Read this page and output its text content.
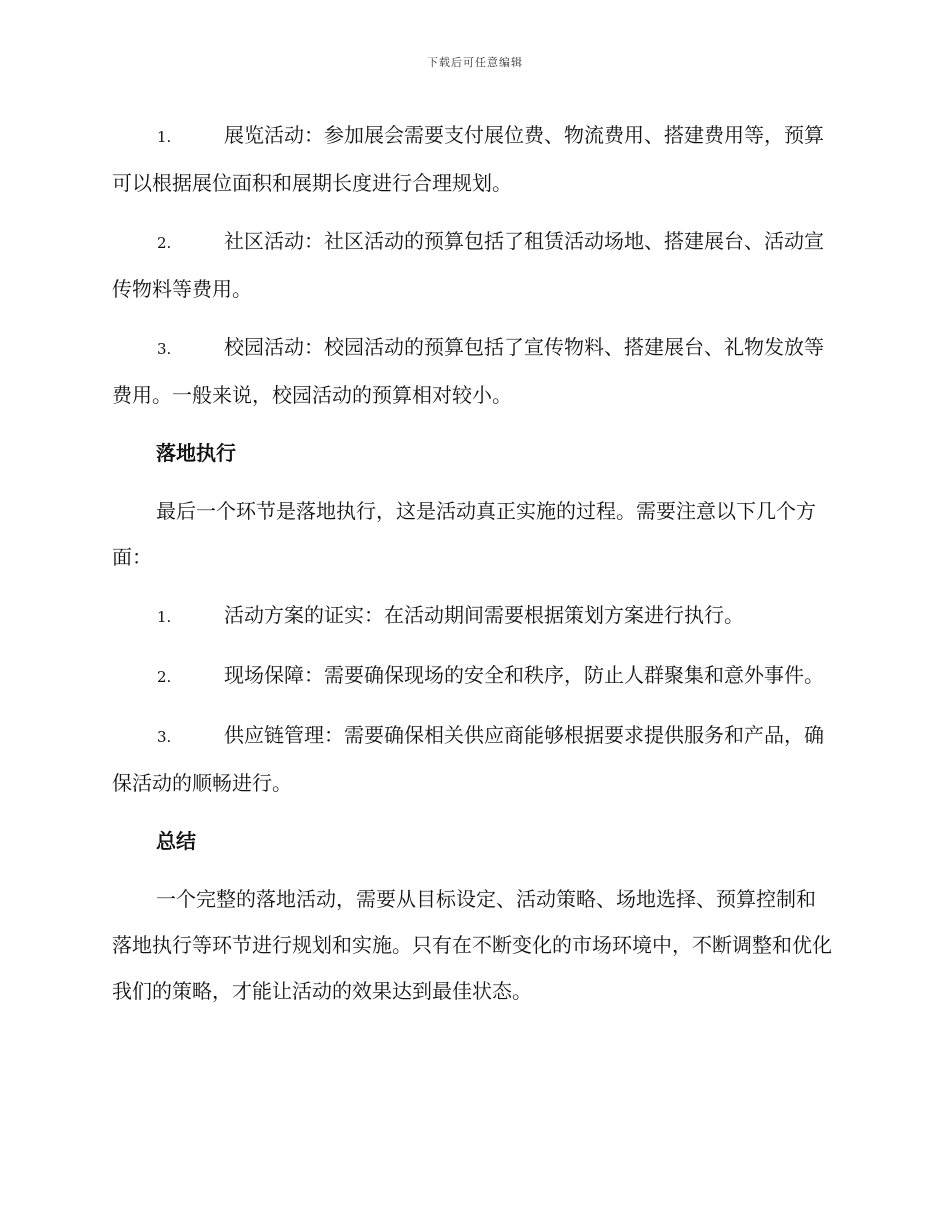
下载后可任意编辑

1.	展览活动：参加展会需要支付展位费、物流费用、搭建费用等，预算可以根据展位面积和展期长度进行合理规划。

2.	社区活动：社区活动的预算包括了租赁活动场地、搭建展台、活动宣传物料等费用。

3.	校园活动：校园活动的预算包括了宣传物料、搭建展台、礼物发放等费用。一般来说，校园活动的预算相对较小。

落地执行

最后一个环节是落地执行，这是活动真正实施的过程。需要注意以下几个方面：

1.	活动方案的证实：在活动期间需要根据策划方案进行执行。

2.	现场保障：需要确保现场的安全和秩序，防止人群聚集和意外事件。

3.	供应链管理：需要确保相关供应商能够根据要求提供服务和产品，确保活动的顺畅进行。

总结

一个完整的落地活动，需要从目标设定、活动策略、场地选择、预算控制和落地执行等环节进行规划和实施。只有在不断变化的市场环境中，不断调整和优化我们的策略，才能让活动的效果达到最佳状态。
